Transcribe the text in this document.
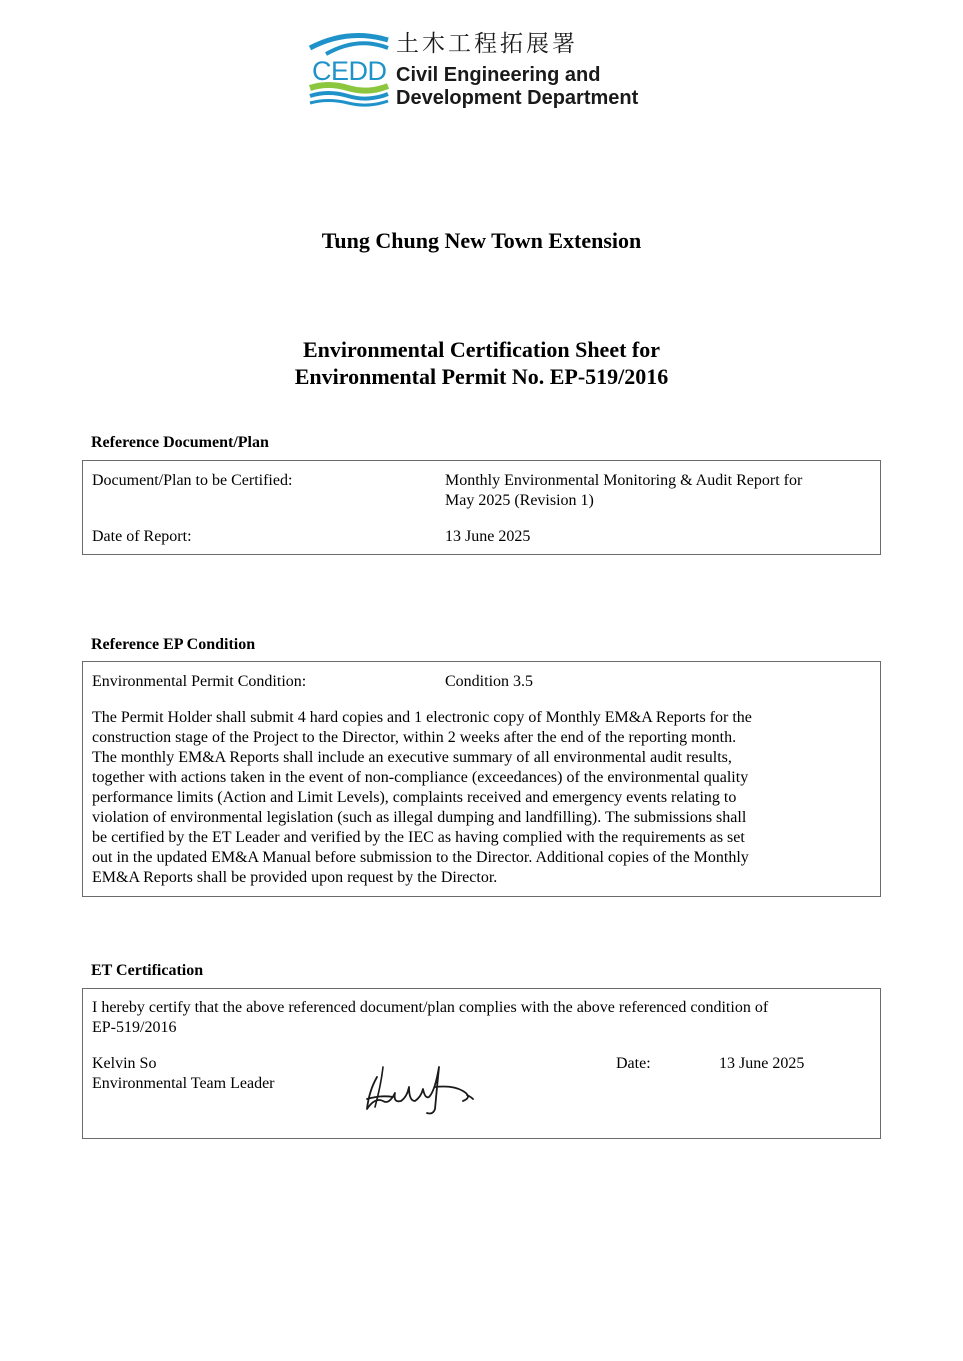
CEDD
土木工程拓展署
Civil Engineering and
Development Department
Tung Chung New Town Extension
Environmental Certification Sheet for
Environmental Permit No. EP-519/2016
Reference Document/Plan
Document/Plan to be Certified:	Monthly Environmental Monitoring & Audit Report for
May 2025 (Revision 1)
Date of Report:	13 June 2025
Reference EP Condition
Environmental Permit Condition:	Condition 3.5
The Permit Holder shall submit 4 hard copies and 1 electronic copy of Monthly EM&A Reports for the
construction stage of the Project to the Director, within 2 weeks after the end of the reporting month.
The monthly EM&A Reports shall include an executive summary of all environmental audit results,
together with actions taken in the event of non-compliance (exceedances) of the environmental quality
performance limits (Action and Limit Levels), complaints received and emergency events relating to
violation of environmental legislation (such as illegal dumping and landfilling). The submissions shall
be certified by the ET Leader and verified by the IEC as having complied with the requirements as set
out in the updated EM&A Manual before submission to the Director. Additional copies of the Monthly
EM&A Reports shall be provided upon request by the Director.
ET Certification
I hereby certify that the above referenced document/plan complies with the above referenced condition of
EP-519/2016
Kelvin So
Environmental Team Leader
Date:	13 June 2025
